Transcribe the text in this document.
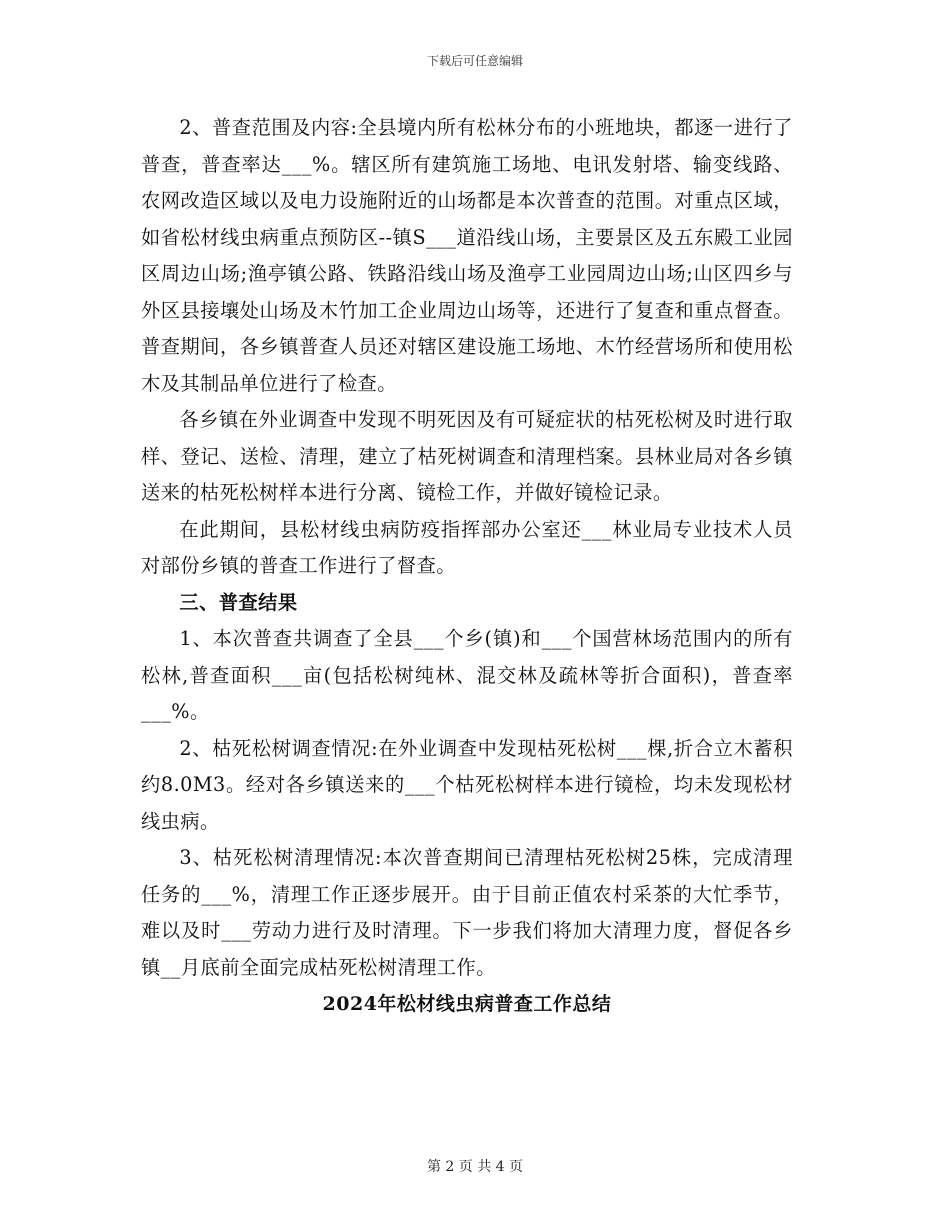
下载后可任意编辑

2、普查范围及内容:全县境内所有松林分布的小班地块，都逐一进行了普查，普查率达___%。辖区所有建筑施工场地、电讯发射塔、输变线路、农网改造区域以及电力设施附近的山场都是本次普查的范围。对重点区域，如省松材线虫病重点预防区--镇S___道沿线山场，主要景区及五东殿工业园区周边山场;渔亭镇公路、铁路沿线山场及渔亭工业园周边山场;山区四乡与外区县接壤处山场及木竹加工企业周边山场等，还进行了复查和重点督查。普查期间，各乡镇普查人员还对辖区建设施工场地、木竹经营场所和使用松木及其制品单位进行了检查。

各乡镇在外业调查中发现不明死因及有可疑症状的枯死松树及时进行取样、登记、送检、清理，建立了枯死树调查和清理档案。县林业局对各乡镇送来的枯死松树样本进行分离、镜检工作，并做好镜检记录。

在此期间，县松材线虫病防疫指挥部办公室还___林业局专业技术人员对部份乡镇的普查工作进行了督查。

三、普查结果

1、本次普查共调查了全县___个乡(镇)和___个国营林场范围内的所有松林,普查面积___亩(包括松树纯林、混交林及疏林等折合面积)，普查率___%。

2、枯死松树调查情况:在外业调查中发现枯死松树___棵,折合立木蓄积约8.0M3。经对各乡镇送来的___个枯死松树样本进行镜检，均未发现松材线虫病。

3、枯死松树清理情况:本次普查期间已清理枯死松树25株，完成清理任务的___%，清理工作正逐步展开。由于目前正值农村采茶的大忙季节，难以及时___劳动力进行及时清理。下一步我们将加大清理力度，督促各乡镇__月底前全面完成枯死松树清理工作。

2024年松材线虫病普查工作总结

第 2 页 共 4 页
